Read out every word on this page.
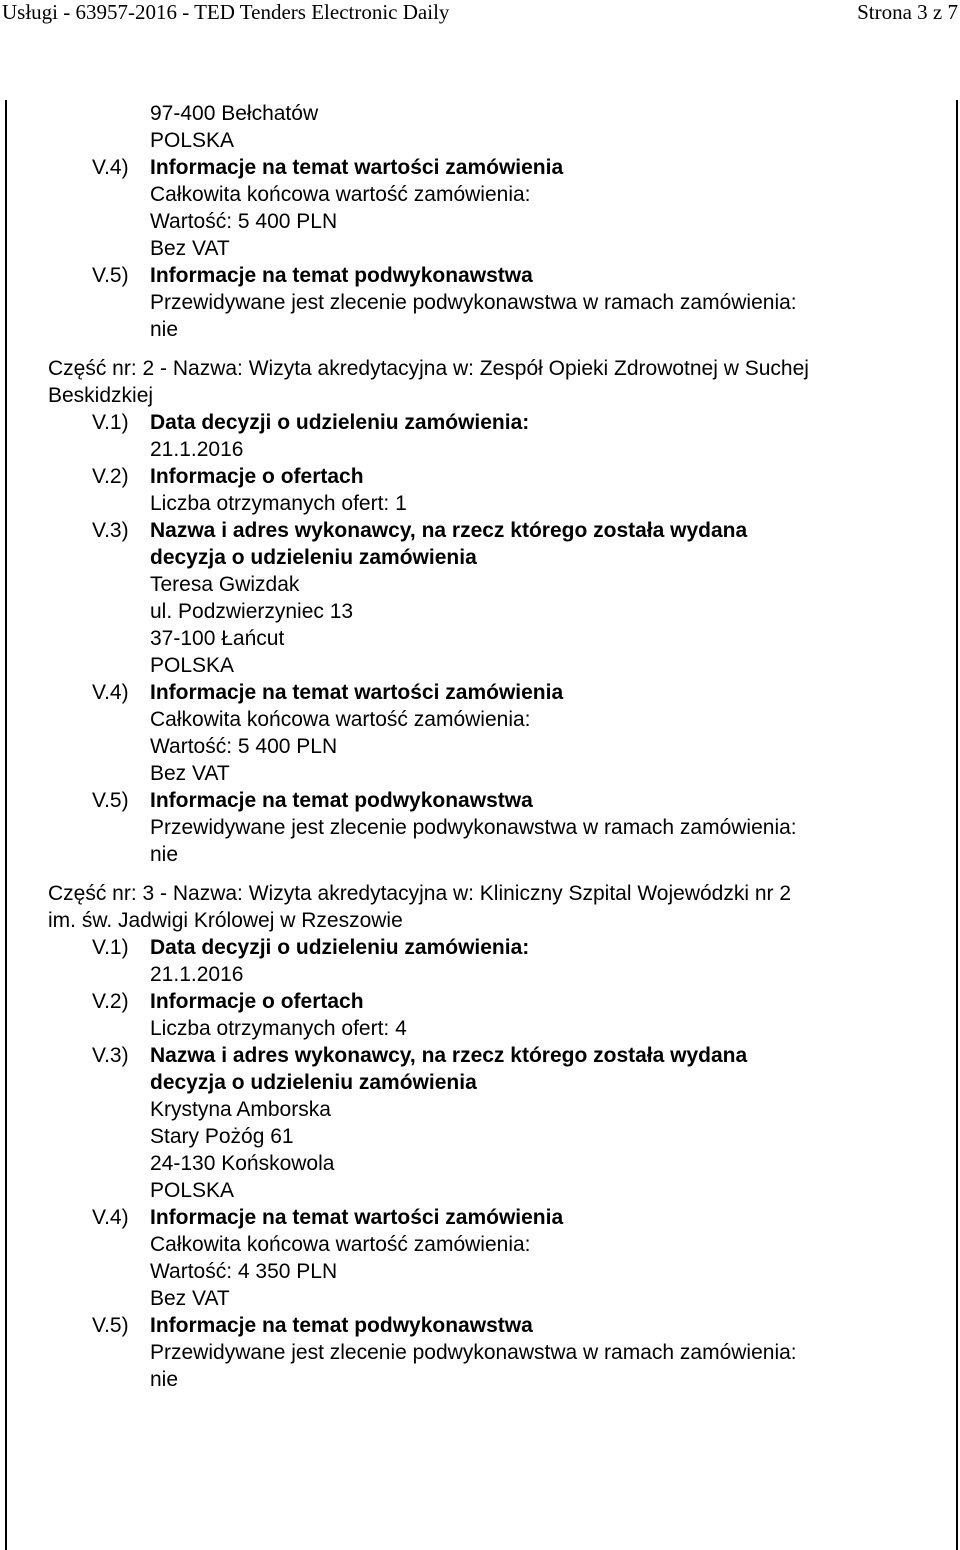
Usługi - 63957-2016 - TED Tenders Electronic Daily	Strona 3 z 7
97-400 Bełchatów
POLSKA
V.4)	Informacje na temat wartości zamówienia
Całkowita końcowa wartość zamówienia:
Wartość: 5 400 PLN
Bez VAT
V.5)	Informacje na temat podwykonawstwa
Przewidywane jest zlecenie podwykonawstwa w ramach zamówienia:
nie
Część nr: 2 - Nazwa: Wizyta akredytacyjna w: Zespół Opieki Zdrowotnej w Suchej
Beskidzkiej
V.1)	Data decyzji o udzieleniu zamówienia:
21.1.2016
V.2)	Informacje o ofertach
Liczba otrzymanych ofert: 1
V.3)	Nazwa i adres wykonawcy, na rzecz którego została wydana
decyzja o udzieleniu zamówienia
Teresa Gwizdak
ul. Podzwierzyniec 13
37-100 Łańcut
POLSKA
V.4)	Informacje na temat wartości zamówienia
Całkowita końcowa wartość zamówienia:
Wartość: 5 400 PLN
Bez VAT
V.5)	Informacje na temat podwykonawstwa
Przewidywane jest zlecenie podwykonawstwa w ramach zamówienia:
nie
Część nr: 3 - Nazwa: Wizyta akredytacyjna w: Kliniczny Szpital Wojewódzki nr 2
im. św. Jadwigi Królowej w Rzeszowie
V.1)	Data decyzji o udzieleniu zamówienia:
21.1.2016
V.2)	Informacje o ofertach
Liczba otrzymanych ofert: 4
V.3)	Nazwa i adres wykonawcy, na rzecz którego została wydana
decyzja o udzieleniu zamówienia
Krystyna Amborska
Stary Pożóg 61
24-130 Końskowola
POLSKA
V.4)	Informacje na temat wartości zamówienia
Całkowita końcowa wartość zamówienia:
Wartość: 4 350 PLN
Bez VAT
V.5)	Informacje na temat podwykonawstwa
Przewidywane jest zlecenie podwykonawstwa w ramach zamówienia:
nie
